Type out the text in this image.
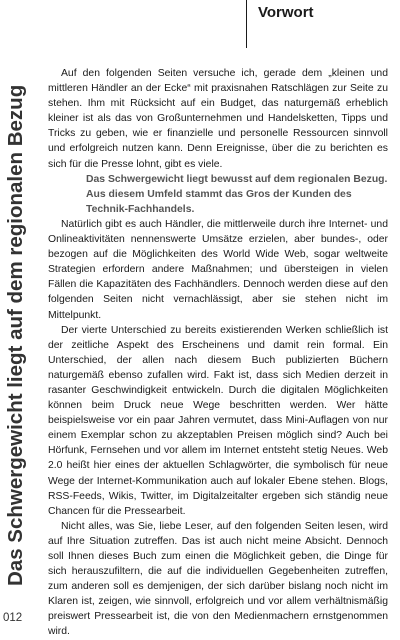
Vorwort
Das Schwergewicht liegt auf dem regionalen Bezug
012

Auf den folgenden Seiten versuche ich, gerade dem „kleinen und mittleren Händler an der Ecke“ mit praxisnahen Ratschlägen zur Seite zu stehen. Ihm mit Rücksicht auf ein Budget, das naturgemäß erheblich kleiner ist als das von Großunternehmen und Handelsketten, Tipps und Tricks zu geben, wie er finanzielle und personelle Ressourcen sinnvoll und erfolgreich nutzen kann. Denn Ereignisse, über die zu berichten es sich für die Presse lohnt, gibt es viele.

Das Schwergewicht liegt bewusst auf dem regionalen Bezug. Aus diesem Umfeld stammt das Gros der Kunden des Technik-Fachhandels.

Natürlich gibt es auch Händler, die mittlerweile durch ihre Internet- und Onlineaktivitäten nennenswerte Umsätze erzielen, aber bundes-, oder bezogen auf die Möglichkeiten des World Wide Web, sogar weltweite Strategien erfordern andere Maßnahmen; und übersteigen in vielen Fällen die Kapazitäten des Fachhändlers. Dennoch werden diese auf den folgenden Seiten nicht vernachlässigt, aber sie stehen nicht im Mittelpunkt.

Der vierte Unterschied zu bereits existierenden Werken schließlich ist der zeitliche Aspekt des Erscheinens und damit rein formal. Ein Unterschied, der allen nach diesem Buch publizierten Büchern naturgemäß ebenso zufallen wird. Fakt ist, dass sich Medien derzeit in rasanter Geschwindigkeit entwickeln. Durch die digitalen Möglichkeiten können beim Druck neue Wege beschritten werden. Wer hätte beispielsweise vor ein paar Jahren vermutet, dass Mini-Auflagen von nur einem Exemplar schon zu akzeptablen Preisen möglich sind? Auch bei Hörfunk, Fernsehen und vor allem im Internet entsteht stetig Neues. Web 2.0 heißt hier eines der aktuellen Schlagwörter, die symbolisch für neue Wege der Internet-Kommunikation auch auf lokaler Ebene stehen. Blogs, RSS-Feeds, Wikis, Twitter, im Digitalzeitalter ergeben sich ständig neue Chancen für die Pressearbeit.

Nicht alles, was Sie, liebe Leser, auf den folgenden Seiten lesen, wird auf Ihre Situation zutreffen. Das ist auch nicht meine Absicht. Dennoch soll Ihnen dieses Buch zum einen die Möglichkeit geben, die Dinge für sich herauszufiltern, die auf die individuellen Gegebenheiten zutreffen, zum anderen soll es demjenigen, der sich darüber bislang noch nicht im Klaren ist, zeigen, wie sinnvoll, erfolgreich und vor allem verhältnismäßig preiswert Pressearbeit ist, die von den Medienmachern ernstgenommen wird.
